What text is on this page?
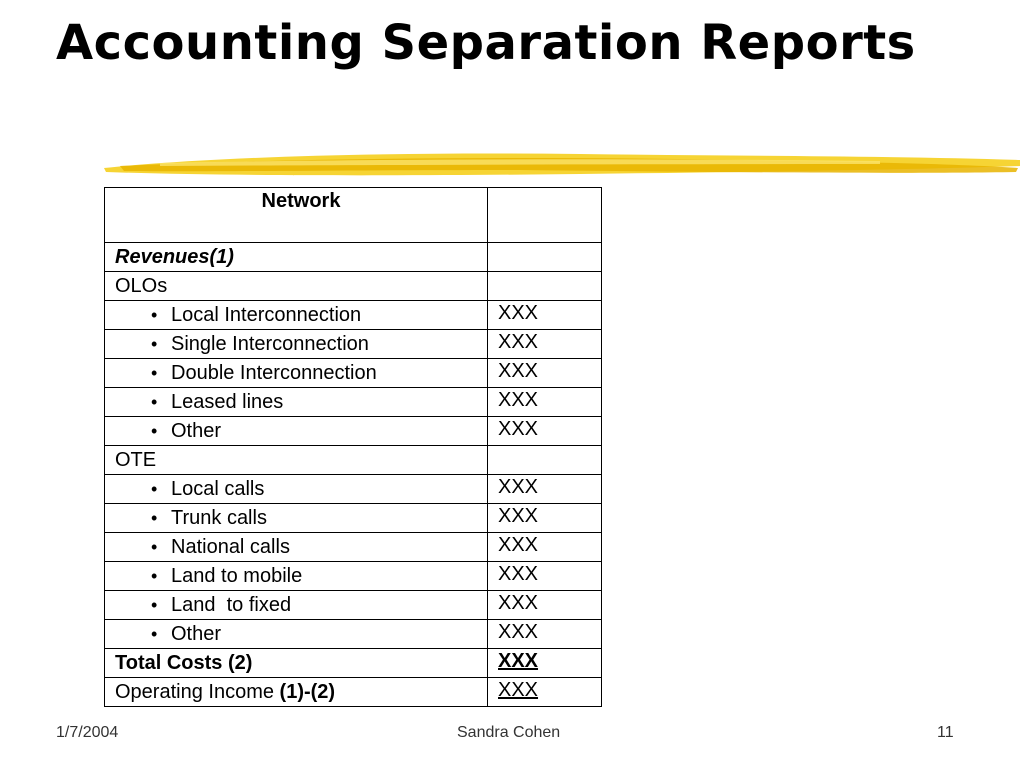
Accounting Separation Reports
Network	

Revenues(1)	
OLOs	
• Local Interconnection	XXX
• Single Interconnection	XXX
• Double Interconnection	XXX
• Leased lines	XXX
• Other	XXX
OTE	
• Local calls	XXX
• Trunk calls	XXX
• National calls	XXX
• Land to mobile	XXX
• Land  to fixed	XXX
• Other	XXX
Total Costs (2)	XXX
Operating Income (1)-(2)	XXX
1/7/2004	Sandra Cohen	11
